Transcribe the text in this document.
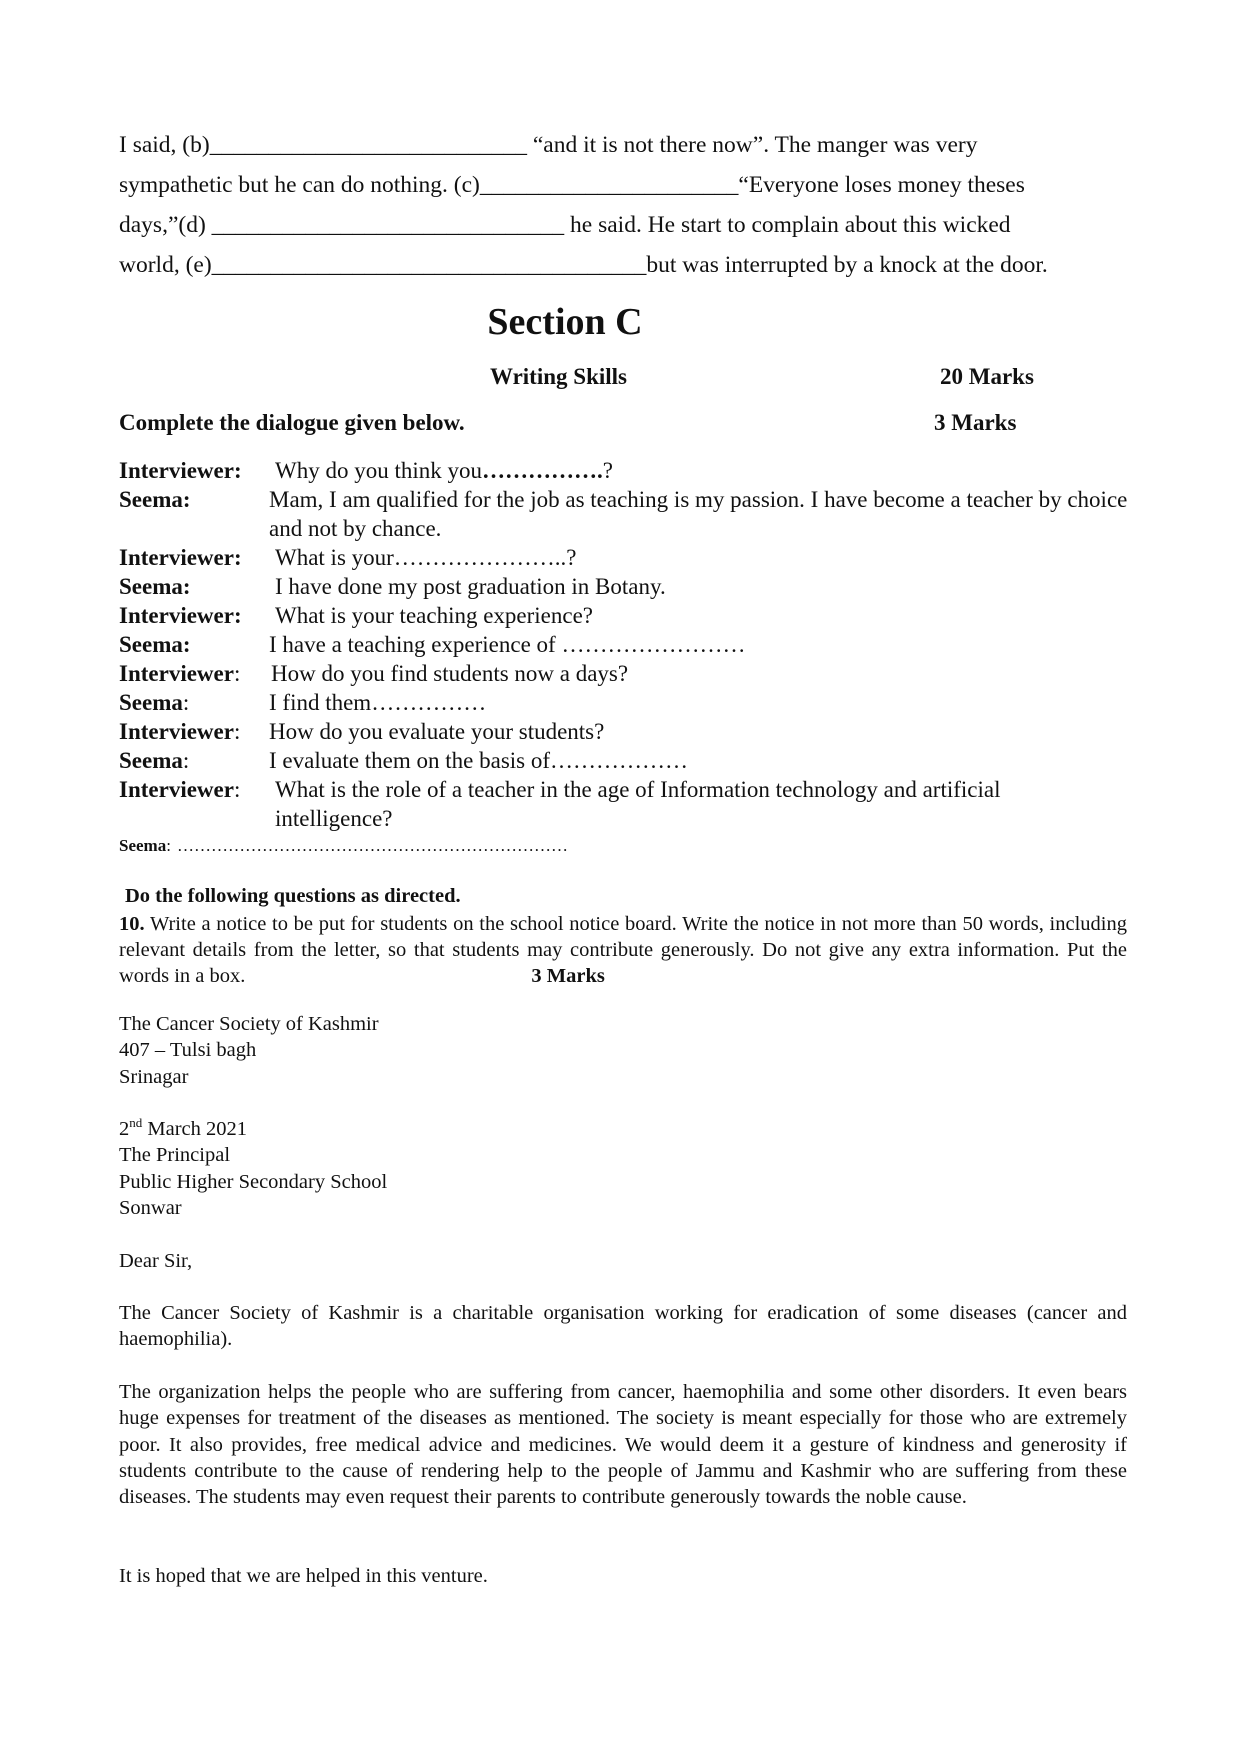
I said, (b)___________________________ “and it is not there now”. The manger was very
sympathetic but he can do nothing. (c)______________________“Everyone loses money theses
days,”(d) ______________________________ he said. He start to complain about this wicked
world, (e)_____________________________________but was interrupted by a knock at the door.
Section C
Writing Skills	20 Marks
Complete the dialogue given below.	3 Marks
Interviewer:	Why do you think you…………….?
Seema:	Mam, I am qualified for the job as teaching is my passion. I have become a teacher by choice and not by chance.
Interviewer:	What is your…………………..?
Seema:	I have done my post graduation in Botany.
Interviewer:	What is your teaching experience?
Seema:	I have a teaching experience of ……………………
Interviewer:	How do you find students now a days?
Seema:	I find them……………
Interviewer:	How do you evaluate your students?
Seema:	I evaluate them on the basis of………………
Interviewer:	What is the role of a teacher in the age of Information technology and artificial intelligence?
Seema: ……………………………………………………………
Do the following questions as directed.
10. Write a notice to be put for students on the school notice board. Write the notice in not more than 50 words, including relevant details from the letter, so that students may contribute generously. Do not give any extra information. Put the words in a box.	3 Marks
The Cancer Society of Kashmir
407 – Tulsi bagh
Srinagar
2nd March 2021
The Principal
Public Higher Secondary School
Sonwar
Dear Sir,
The Cancer Society of Kashmir is a charitable organisation working for eradication of some diseases (cancer and haemophilia).
The organization helps the people who are suffering from cancer, haemophilia and some other disorders. It even bears huge expenses for treatment of the diseases as mentioned. The society is meant especially for those who are extremely poor. It also provides, free medical advice and medicines. We would deem it a gesture of kindness and generosity if students contribute to the cause of rendering help to the people of Jammu and Kashmir who are suffering from these diseases. The students may even request their parents to contribute generously towards the noble cause.
It is hoped that we are helped in this venture.
